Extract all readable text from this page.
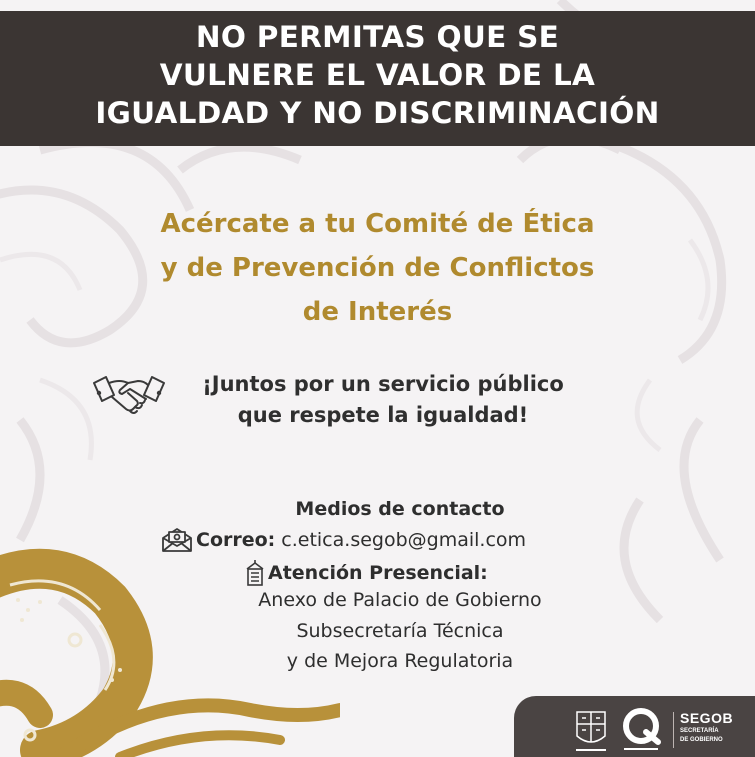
NO PERMITAS QUE SE
VULNERE EL VALOR DE LA
IGUALDAD Y NO DISCRIMINACIÓN
Acércate a tu Comité de Ética
y de Prevención de Conflictos
de Interés

¡Juntos por un servicio público
que respete la igualdad!

Medios de contacto

Correo: c.etica.segob@gmail.com
Atención Presencial:

Anexo de Palacio de Gobierno

Subsecretaría Técnica

y de Mejora Regulatoria

SEGOB
SECRETARÍA
DE GOBIERNO
